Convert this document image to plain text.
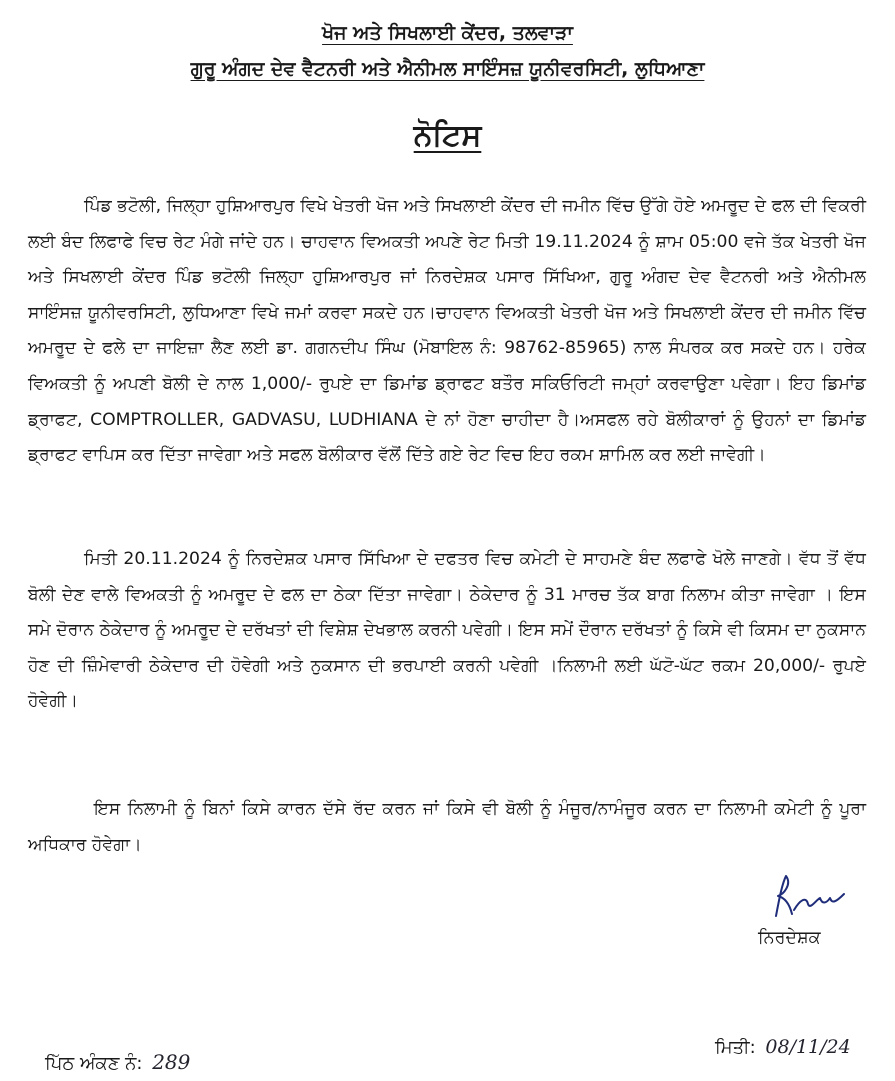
ਖੋਜ ਅਤੇ ਸਿਖਲਾਈ ਕੇਂਦਰ, ਤਲਵਾੜਾ
ਗੁਰੂ ਅੰਗਦ ਦੇਵ ਵੈਟਨਰੀ ਅਤੇ ਐਨੀਮਲ ਸਾਇੰਸਜ਼ ਯੂਨੀਵਰਸਿਟੀ, ਲੁਧਿਆਣਾ
ਨੋਟਿਸ

ਪਿੰਡ ਭਟੋਲੀ, ਜਿਲ੍ਹਾ ਹੁਸ਼ਿਆਰਪੁਰ ਵਿਖੇ ਖੇਤਰੀ ਖੋਜ ਅਤੇ ਸਿਖਲਾਈ ਕੇਂਦਰ ਦੀ ਜਮੀਨ ਵਿੱਚ ਉੱਗੇ ਹੋਏ ਅਮਰੂਦ ਦੇ ਫਲ ਦੀ ਵਿਕਰੀ ਲਈ ਬੰਦ ਲਿਫਾਫੇ ਵਿਚ ਰੇਟ ਮੰਗੇ ਜਾਂਦੇ ਹਨ। ਚਾਹਵਾਨ ਵਿਅਕਤੀ ਅਪਣੇ ਰੇਟ ਮਿਤੀ 19.11.2024 ਨੂੰ ਸ਼ਾਮ 05:00 ਵਜੇ ਤੱਕ ਖੇਤਰੀ ਖੋਜ ਅਤੇ ਸਿਖਲਾਈ ਕੇਂਦਰ ਪਿੰਡ ਭਟੋਲੀ ਜਿਲ੍ਹਾ ਹੁਸ਼ਿਆਰਪੁਰ ਜਾਂ ਨਿਰਦੇਸ਼ਕ ਪਸਾਰ ਸਿੱਖਿਆ, ਗੁਰੂ ਅੰਗਦ ਦੇਵ ਵੈਟਨਰੀ ਅਤੇ ਐਨੀਮਲ ਸਾਇੰਸਜ਼ ਯੂਨੀਵਰਸਿਟੀ, ਲੁਧਿਆਣਾ ਵਿਖੇ ਜਮਾਂ ਕਰਵਾ ਸਕਦੇ ਹਨ।ਚਾਹਵਾਨ ਵਿਅਕਤੀ ਖੇਤਰੀ ਖੋਜ ਅਤੇ ਸਿਖਲਾਈ ਕੇਂਦਰ ਦੀ ਜਮੀਨ ਵਿੱਚ ਅਮਰੂਦ ਦੇ ਫਲੇ ਦਾ ਜਾਇਜ਼ਾ ਲੈਣ ਲਈ ਡਾ. ਗਗਨਦੀਪ ਸਿੰਘ (ਮੋਬਾਇਲ ਨੰ: 98762-85965) ਨਾਲ ਸੰਪਰਕ ਕਰ ਸਕਦੇ ਹਨ। ਹਰੇਕ ਵਿਅਕਤੀ ਨੂੰ ਅਪਣੀ ਬੋਲੀ ਦੇ ਨਾਲ 1,000/- ਰੁਪਏ ਦਾ ਡਿਮਾਂਡ ਡ੍ਰਾਫਟ ਬਤੌਰ ਸਕਿਓਰਿਟੀ ਜਮ੍ਹਾਂ ਕਰਵਾਉਣਾ ਪਵੇਗਾ। ਇਹ ਡਿਮਾਂਡ ਡ੍ਰਾਫਟ, COMPTROLLER, GADVASU, LUDHIANA ਦੇ ਨਾਂ ਹੋਣਾ ਚਾਹੀਦਾ ਹੈ।ਅਸਫਲ ਰਹੇ ਬੋਲੀਕਾਰਾਂ ਨੂੰ ਉਹਨਾਂ ਦਾ ਡਿਮਾਂਡ ਡ੍ਰਾਫਟ ਵਾਪਿਸ ਕਰ ਦਿੱਤਾ ਜਾਵੇਗਾ ਅਤੇ ਸਫਲ ਬੋਲੀਕਾਰ ਵੱਲੋਂ ਦਿੱਤੇ ਗਏ ਰੇਟ ਵਿਚ ਇਹ ਰਕਮ ਸ਼ਾਮਿਲ ਕਰ ਲਈ ਜਾਵੇਗੀ।

ਮਿਤੀ 20.11.2024 ਨੂੰ ਨਿਰਦੇਸ਼ਕ ਪਸਾਰ ਸਿੱਖਿਆ ਦੇ ਦਫਤਰ ਵਿਚ ਕਮੇਟੀ ਦੇ ਸਾਹਮਣੇ ਬੰਦ ਲਫਾਫੇ ਖੋਲੇ ਜਾਣਗੇ। ਵੱਧ ਤੋਂ ਵੱਧ ਬੋਲੀ ਦੇਣ ਵਾਲੇ ਵਿਅਕਤੀ ਨੂੰ ਅਮਰੂਦ ਦੇ ਫਲ ਦਾ ਠੇਕਾ ਦਿੱਤਾ ਜਾਵੇਗਾ। ਠੇਕੇਦਾਰ ਨੂੰ 31 ਮਾਰਚ ਤੱਕ ਬਾਗ ਨਿਲਾਮ ਕੀਤਾ ਜਾਵੇਗਾ । ਇਸ ਸਮੇ ਦੋਰਾਨ ਠੇਕੇਦਾਰ ਨੂੰ ਅਮਰੂਦ ਦੇ ਦਰੱਖਤਾਂ ਦੀ ਵਿਸ਼ੇਸ਼ ਦੇਖਭਾਲ ਕਰਨੀ ਪਵੇਗੀ। ਇਸ ਸਮੇਂ ਦੌਰਾਨ ਦਰੱਖਤਾਂ ਨੂੰ ਕਿਸੇ ਵੀ ਕਿਸਮ ਦਾ ਨੁਕਸਾਨ ਹੋਣ ਦੀ ਜ਼ਿੰਮੇਵਾਰੀ ਠੇਕੇਦਾਰ ਦੀ ਹੋਵੇਗੀ ਅਤੇ ਨੁਕਸਾਨ ਦੀ ਭਰਪਾਈ ਕਰਨੀ ਪਵੇਗੀ ।ਨਿਲਾਮੀ ਲਈ ਘੱਟੋ-ਘੱਟ ਰਕਮ 20,000/- ਰੁਪਏ ਹੋਵੇਗੀ।

ਇਸ ਨਿਲਾਮੀ ਨੂੰ ਬਿਨਾਂ ਕਿਸੇ ਕਾਰਨ ਦੱਸੇ ਰੱਦ ਕਰਨ ਜਾਂ ਕਿਸੇ ਵੀ ਬੋਲੀ ਨੂੰ ਮੰਜੂਰ/ਨਾਮੰਜੂਰ ਕਰਨ ਦਾ ਨਿਲਾਮੀ ਕਮੇਟੀ ਨੂੰ ਪੂਰਾ ਅਧਿਕਾਰ ਹੋਵੇਗਾ।

ਨਿਰਦੇਸ਼ਕ
ਮਿਤੀ: 08/11/24
ਪਿੱਠ ਅੰਕਣ ਨੰ: 289
